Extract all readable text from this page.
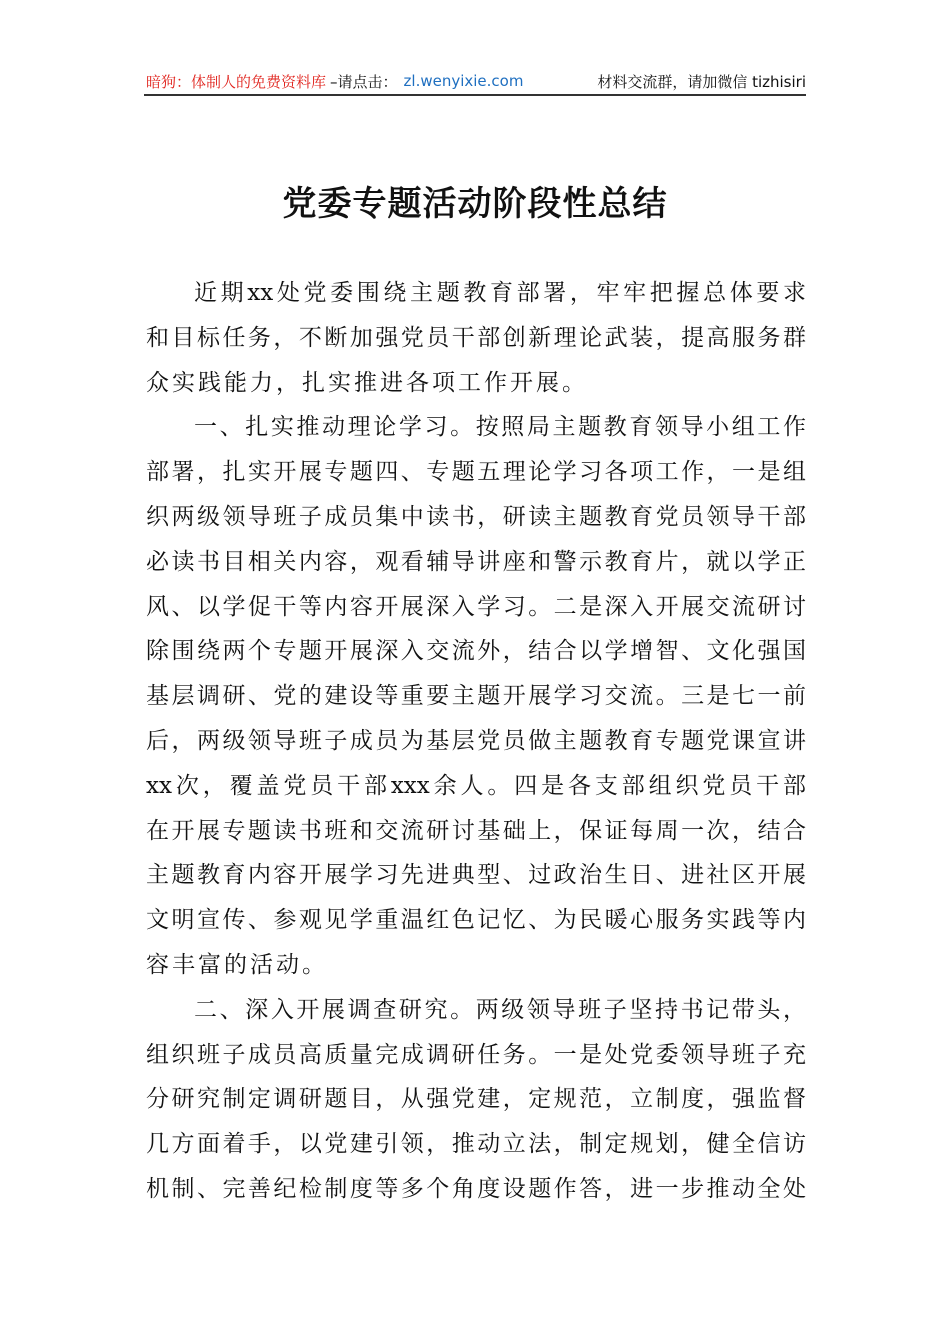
暗狗：体制人的免费资料库 –请点击： zl.wenyixie.com	材料交流群，请加微信 tizhisiri
党委专题活动阶段性总结
近期xx处党委围绕主题教育部署，牢牢把握总体要求
和目标任务，不断加强党员干部创新理论武装，提高服务群
众实践能力，扎实推进各项工作开展。
一、扎实推动理论学习。按照局主题教育领导小组工作
部署，扎实开展专题四、专题五理论学习各项工作，一是组
织两级领导班子成员集中读书，研读主题教育党员领导干部
必读书目相关内容，观看辅导讲座和警示教育片，就以学正
风、以学促干等内容开展深入学习。二是深入开展交流研讨
除围绕两个专题开展深入交流外，结合以学增智、文化强国
基层调研、党的建设等重要主题开展学习交流。三是七一前
后，两级领导班子成员为基层党员做主题教育专题党课宣讲
xx次，覆盖党员干部xxx余人。四是各支部组织党员干部
在开展专题读书班和交流研讨基础上，保证每周一次，结合
主题教育内容开展学习先进典型、过政治生日、进社区开展
文明宣传、参观见学重温红色记忆、为民暖心服务实践等内
容丰富的活动。
二、深入开展调查研究。两级领导班子坚持书记带头，
组织班子成员高质量完成调研任务。一是处党委领导班子充
分研究制定调研题目，从强党建，定规范，立制度，强监督
几方面着手，以党建引领，推动立法，制定规划，健全信访
机制、完善纪检制度等多个角度设题作答，进一步推动全处
